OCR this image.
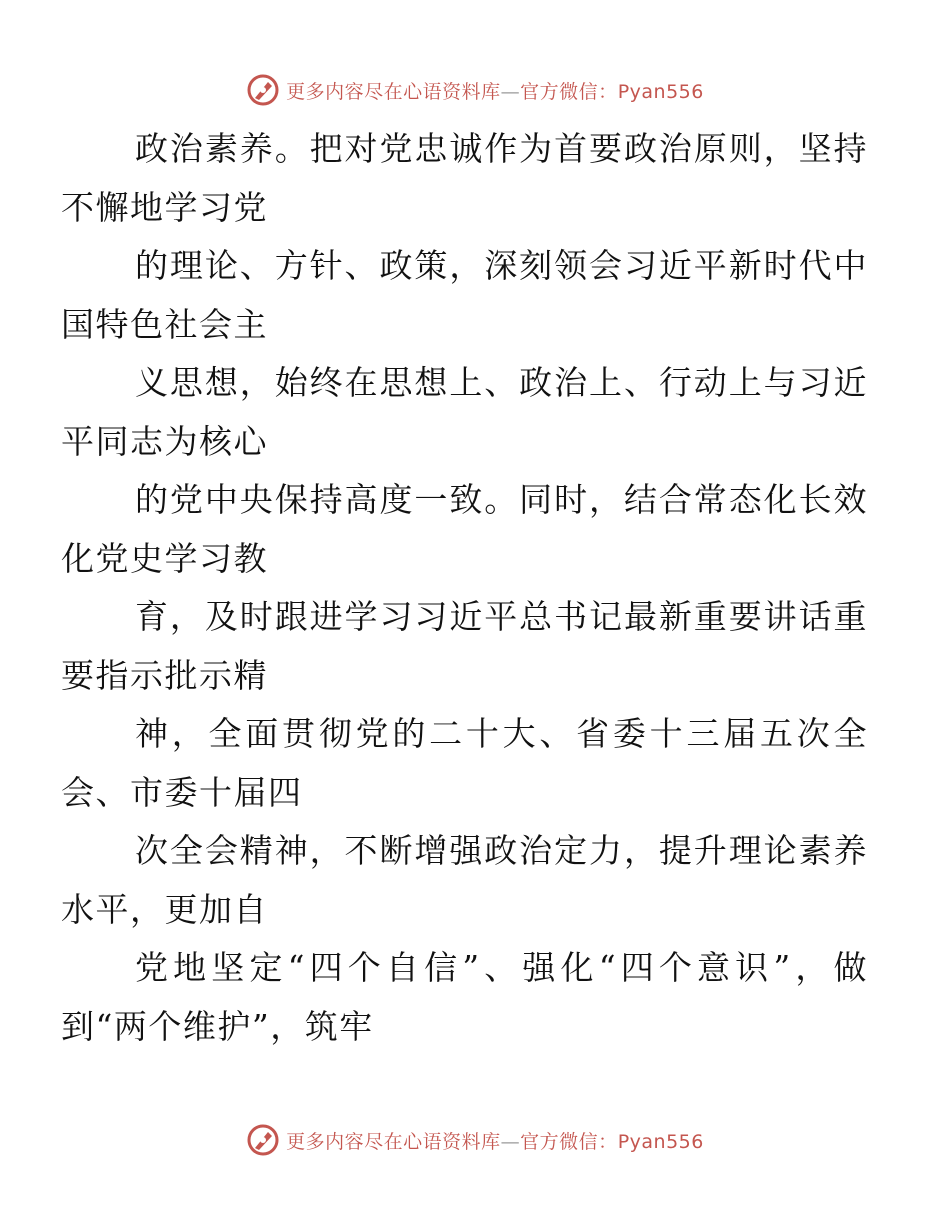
更多内容尽在心语资料库—官方微信：Pyan556

政治素养。把对党忠诚作为首要政治原则，坚持
不懈地学习党

的理论、方针、政策，深刻领会习近平新时代中
国特色社会主

义思想，始终在思想上、政治上、行动上与习近
平同志为核心

的党中央保持高度一致。同时，结合常态化长效
化党史学习教

育，及时跟进学习习近平总书记最新重要讲话重
要指示批示精

神，全面贯彻党的二十大、省委十三届五次全
会、市委十届四

次全会精神，不断增强政治定力，提升理论素养
水平，更加自

党地坚定“四个自信”、强化“四个意识”，做
到“两个维护”，筑牢

更多内容尽在心语资料库—官方微信：Pyan556
